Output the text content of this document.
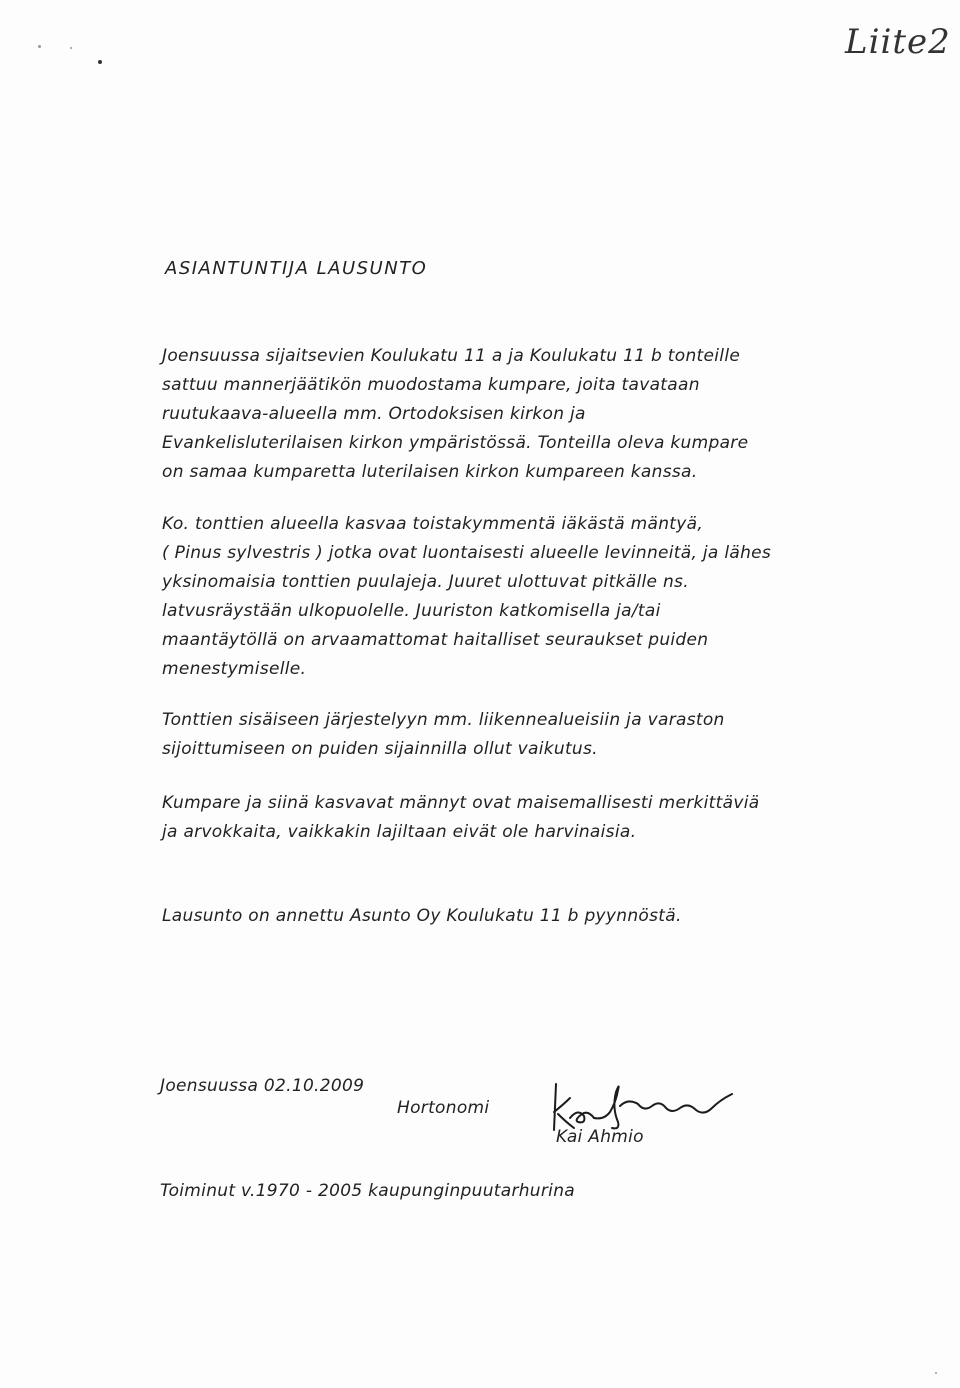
Liite2
ASIANTUNTIJA LAUSUNTO
Joensuussa sijaitsevien Koulukatu 11 a ja Koulukatu 11 b tonteille
sattuu mannerjäätikön muodostama kumpare, joita tavataan
ruutukaava-alueella mm. Ortodoksisen kirkon ja
Evankelisluterilaisen kirkon ympäristössä. Tonteilla oleva kumpare
on samaa kumparetta luterilaisen kirkon kumpareen kanssa.
Ko. tonttien alueella kasvaa toistakymmentä iäkästä mäntyä,
( Pinus sylvestris ) jotka ovat luontaisesti alueelle levinneitä, ja lähes
yksinomaisia tonttien puulajeja. Juuret ulottuvat pitkälle ns.
latvusräystään ulkopuolelle. Juuriston katkomisella ja/tai
maantäytöllä on arvaamattomat haitalliset seuraukset puiden
menestymiselle.
Tonttien sisäiseen järjestelyyn mm. liikennealueisiin ja varaston
sijoittumiseen on puiden sijainnilla ollut vaikutus.
Kumpare ja siinä kasvavat männyt ovat maisemallisesti merkittäviä
ja arvokkaita, vaikkakin lajiltaan eivät ole harvinaisia.
Lausunto on annettu Asunto Oy Koulukatu 11 b pyynnöstä.
Joensuussa 02.10.2009
Hortonomi
Kai Ahmio
Toiminut v.1970 - 2005 kaupunginpuutarhurina
